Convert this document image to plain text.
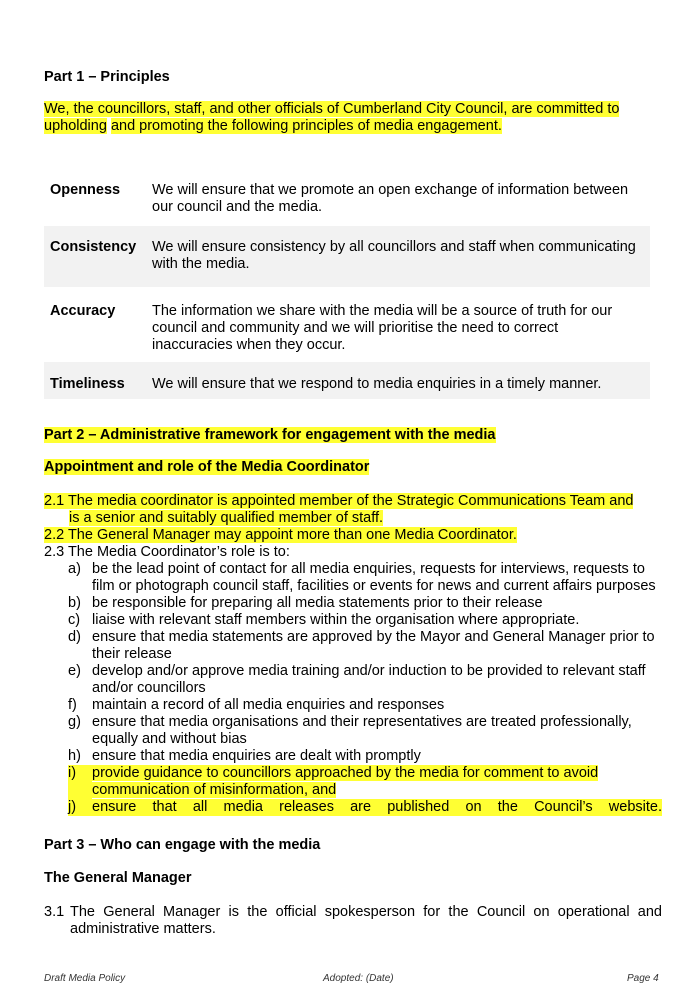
Part 1 – Principles
We, the councillors, staff, and other officials of Cumberland City Council, are committed to
upholding and promoting the following principles of media engagement.
Openness	We will ensure that we promote an open exchange of information between our council and the media.
Consistency	We will ensure consistency by all councillors and staff when communicating with the media.
Accuracy	The information we share with the media will be a source of truth for our council and community and we will prioritise the need to correct inaccuracies when they occur.
Timeliness	We will ensure that we respond to media enquiries in a timely manner.
Part 2 – Administrative framework for engagement with the media
Appointment and role of the Media Coordinator
2.1 The media coordinator is appointed member of the Strategic Communications Team and
is a senior and suitably qualified member of staff.
2.2 The General Manager may appoint more than one Media Coordinator.
2.3 The Media Coordinator’s role is to:
a) be the lead point of contact for all media enquiries, requests for interviews, requests to film or photograph council staff, facilities or events for news and current affairs purposes
b) be responsible for preparing all media statements prior to their release
c) liaise with relevant staff members within the organisation where appropriate.
d) ensure that media statements are approved by the Mayor and General Manager prior to their release
e) develop and/or approve media training and/or induction to be provided to relevant staff and/or councillors
f)	maintain a record of all media enquiries and responses
g) ensure that media organisations and their representatives are treated professionally, equally and without bias
h) ensure that media enquiries are dealt with promptly
i)	provide guidance to councillors approached by the media for comment to avoid communication of misinformation, and
j)	ensure that all media releases are published on the Council’s website.
Part 3 – Who can engage with the media
The General Manager
3.1 The General Manager is the official spokesperson for the Council on operational and administrative matters.
Draft Media Policy	Adopted: (Date)	Page 4
